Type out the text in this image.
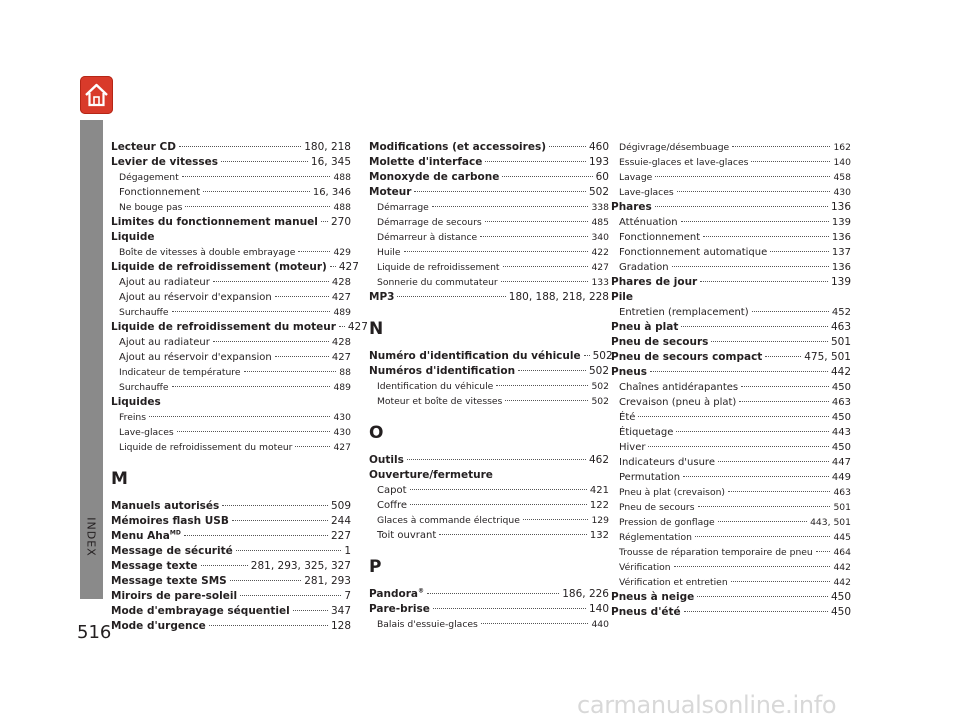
INDEX
516
Lecteur CD	180, 218
Levier de vitesses	16, 345
Dégagement	488
Fonctionnement	16, 346
Ne bouge pas	488
Limites du fonctionnement manuel 270
Liquide
Boîte de vitesses à double embrayage	429
Liquide de refroidissement (moteur) 427
Ajout au radiateur	428
Ajout au réservoir d'expansion	427
Surchauffe	489
Liquide de refroidissement du moteur 427
Ajout au radiateur	428
Ajout au réservoir d'expansion	427
Indicateur de température	88
Surchauffe	489
Liquides
Freins	430
Lave-glaces	430
Liquide de refroidissement du moteur	427
M
Manuels autorisés	509
Mémoires flash USB	244
Menu Aha$^{MD}$	227
Message de sécurité	1
Message texte	281, 293, 325, 327
Message texte SMS	281, 293
Miroirs de pare-soleil	7
Mode d'embrayage séquentiel	347
Mode d'urgence	128
Modifications (et accessoires)	460
Molette d'interface	193
Monoxyde de carbone	60
Moteur	502
Démarrage	338
Démarrage de secours	485
Démarreur à distance	340
Huile	422
Liquide de refroidissement	427
Sonnerie du commutateur	133
MP3	180, 188, 218, 228
N
Numéro d'identification du véhicule 502
Numéros d'identification	502
Identification du véhicule	502
Moteur et boîte de vitesses	502
O
Outils	462
Ouverture/fermeture
Capot	421
Coffre	122
Glaces à commande électrique	129
Toit ouvrant	132
P
Pandora®	186, 226
Pare-brise	140
Balais d'essuie-glaces	440
Dégivrage/désembuage	162
Essuie-glaces et lave-glaces	140
Lavage	458
Lave-glaces	430
Phares	136
Atténuation	139
Fonctionnement	136
Fonctionnement automatique	137
Gradation	136
Phares de jour	139
Pile
Entretien (remplacement)	452
Pneu à plat	463
Pneu de secours	501
Pneu de secours compact	475, 501
Pneus	442
Chaînes antidérapantes	450
Crevaison (pneu à plat)	463
Été	450
Étiquetage	443
Hiver	450
Indicateurs d'usure	447
Permutation	449
Pneu à plat (crevaison)	463
Pneu de secours	501
Pression de gonflage	443, 501
Réglementation	445
Trousse de réparation temporaire de pneu 464
Vérification	442
Vérification et entretien	442
Pneus à neige	450
Pneus d'été	450
carmanualsonline.info
